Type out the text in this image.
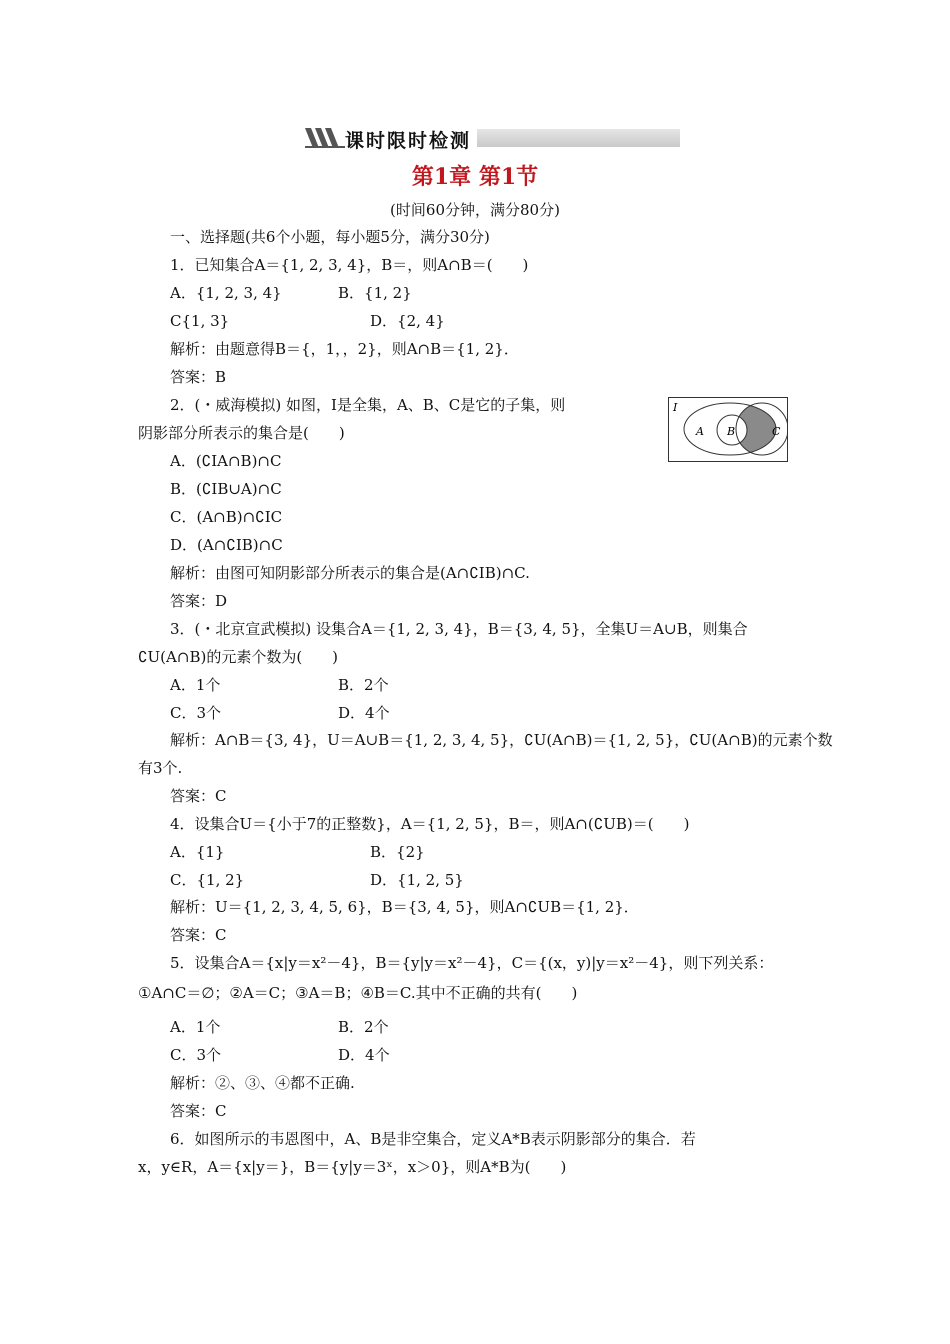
课时限时检测
第1章 第1节
(时间60分钟，满分80分)
一、选择题(共6个小题，每小题5分，满分30分)
1．已知集合A＝{1, 2, 3, 4}，B＝，则A∩B＝(　　)
A．{1, 2, 3, 4}	B．{1, 2}
C{1, 3}	D．{2, 4}
解析：由题意得B＝{，1，，2}，则A∩B＝{1, 2}．
答案：B
2．(・威海模拟) 如图，I是全集，A、B、C是它的子集，则
阴影部分所表示的集合是(　　)
I
A B	C
A．(∁IA∩B)∩C
B．(∁IB∪A)∩C
C．(A∩B)∩∁IC
D．(A∩∁IB)∩C
解析：由图可知阴影部分所表示的集合是(A∩∁IB)∩C.
答案：D
3．(・北京宣武模拟) 设集合A＝{1, 2, 3, 4}，B＝{3, 4, 5}，全集U＝A∪B，则集合
∁U(A∩B)的元素个数为(　　)
A．1个	B．2个
C．3个	D．4个
解析：A∩B＝{3, 4}，U＝A∪B＝{1, 2, 3, 4, 5}，∁U(A∩B)＝{1, 2, 5}，∁U(A∩B)的元素个数
有3个.
答案：C
4．设集合U＝{小于7的正整数}，A＝{1, 2, 5}，B＝，则A∩(∁UB)＝(　　)
A．{1}	B．{2}
C．{1, 2}	D．{1, 2, 5}
解析：U＝{1, 2, 3, 4, 5, 6}，B＝{3, 4, 5}，则A∩∁UB＝{1, 2}．
答案：C
5．设集合A＝{x|y＝x²－4}，B＝{y|y＝x²－4}，C＝{(x，y)|y＝x²－4}，则下列关系：
①A∩C＝∅；②A＝C；③A＝B；④B＝C.其中不正确的共有(　　)
A．1个	B．2个
C．3个	D．4个
解析：②、③、④都不正确.
答案：C
6．如图所示的韦恩图中，A、B是非空集合，定义A*B表示阴影部分的集合．若
x，y∈R，A＝{x|y＝}，B＝{y|y＝3ˣ，x＞0}，则A*B为(　　)
